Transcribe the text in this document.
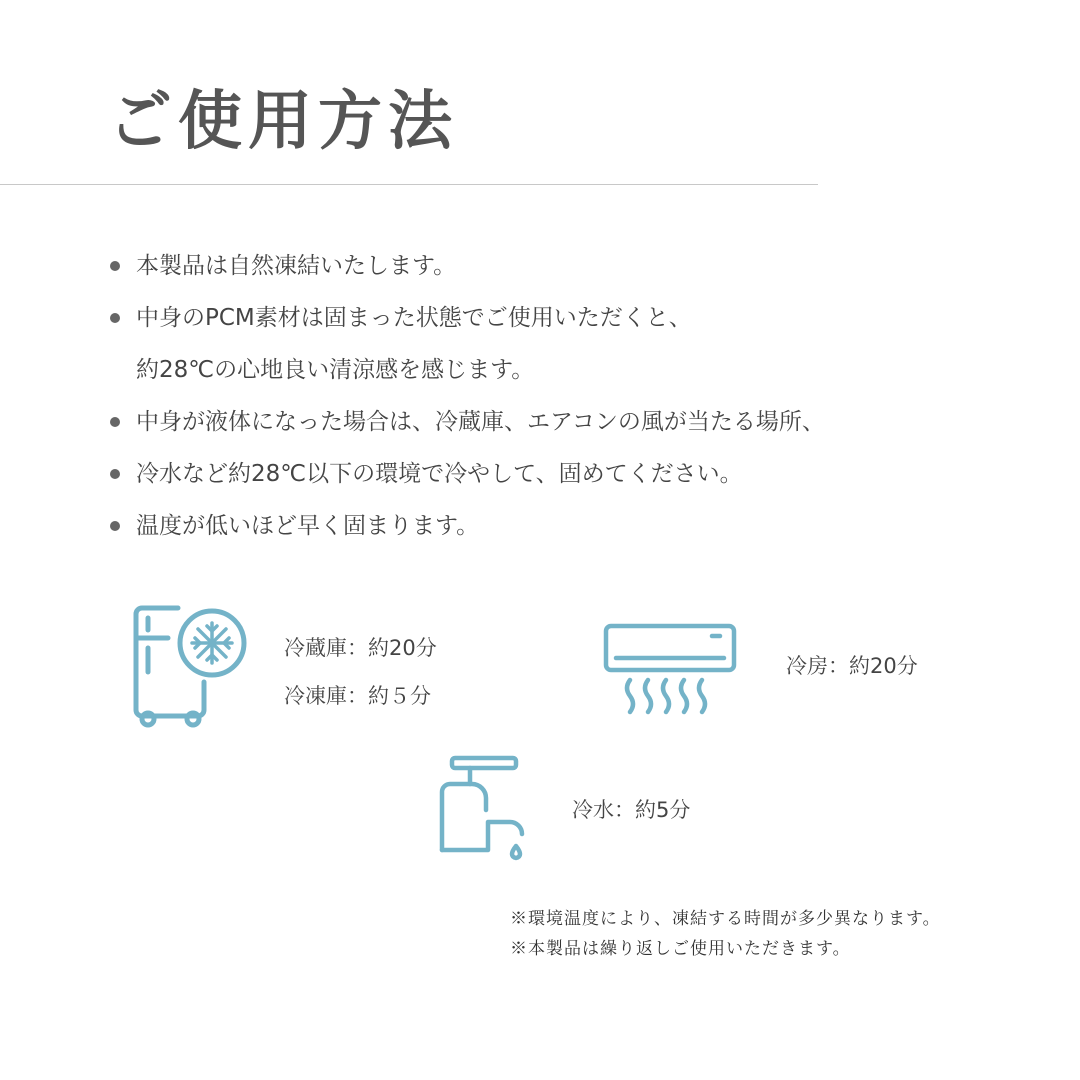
ご使用方法
本製品は自然凍結いたします。
中身のPCM素材は固まった状態でご使用いただくと、
約28℃の心地良い清涼感を感じます。
中身が液体になった場合は、冷蔵庫、エアコンの風が当たる場所、
冷水など約28℃以下の環境で冷やして、固めてください。
温度が低いほど早く固まります。
冷蔵庫：約20分
冷凍庫：約５分
冷房：約20分
冷水：約5分
※環境温度により、凍結する時間が多少異なります。
※本製品は繰り返しご使用いただきます。
